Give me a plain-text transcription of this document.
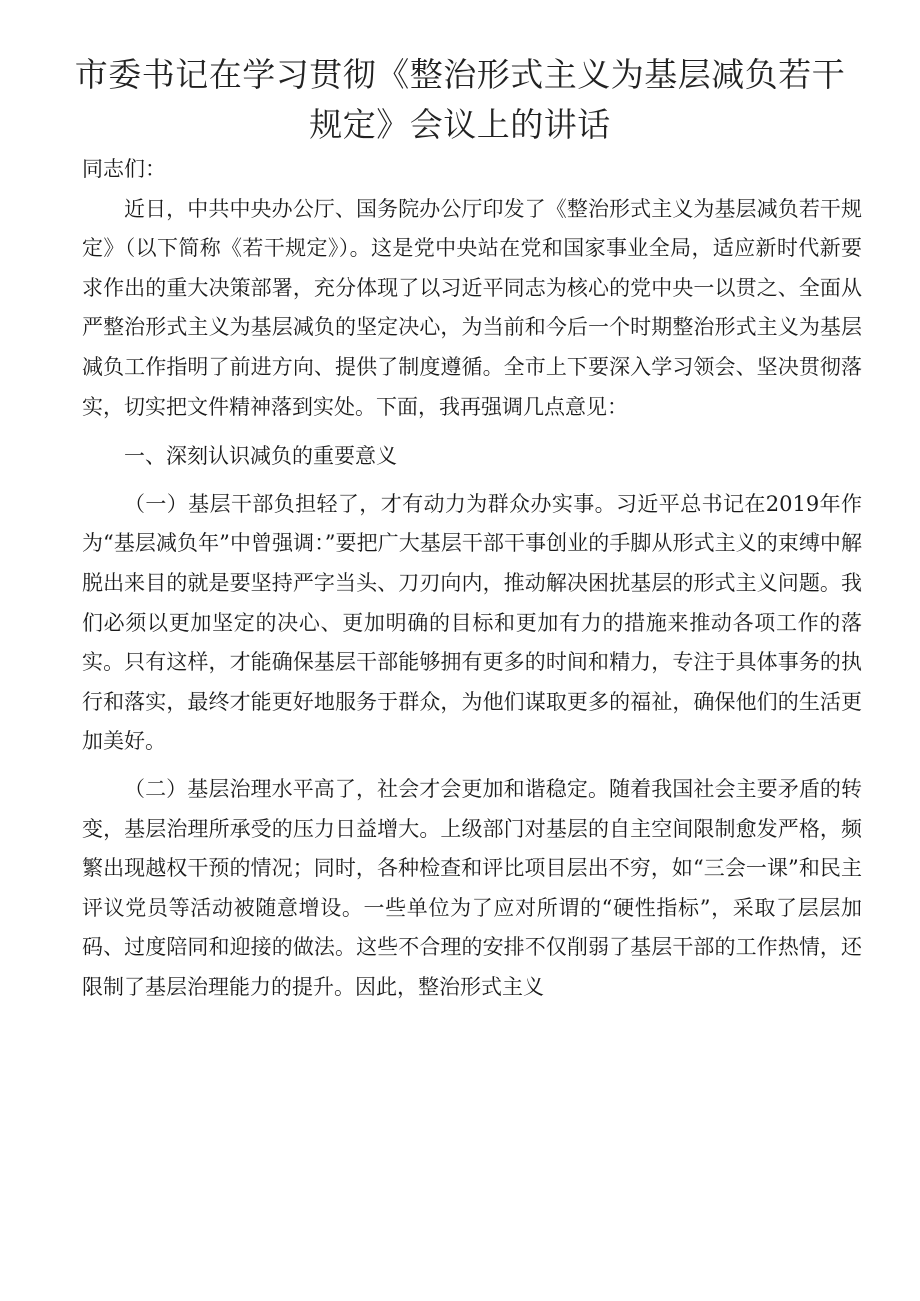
市委书记在学习贯彻《整治形式主义为基层减负若干规定》会议上的讲话

同志们：

近日，中共中央办公厅、国务院办公厅印发了《整治形式主义为基层减负若干规定》（以下简称《若干规定》）。这是党中央站在党和国家事业全局，适应新时代新要求作出的重大决策部署，充分体现了以习近平同志为核心的党中央一以贯之、全面从严整治形式主义为基层减负的坚定决心，为当前和今后一个时期整治形式主义为基层减负工作指明了前进方向、提供了制度遵循。全市上下要深入学习领会、坚决贯彻落实，切实把文件精神落到实处。下面，我再强调几点意见：

一、深刻认识减负的重要意义

（一）基层干部负担轻了，才有动力为群众办实事。习近平总书记在2019年作为“基层减负年”中曾强调：”要把广大基层干部干事创业的手脚从形式主义的束缚中解脱出来目的就是要坚持严字当头、刀刃向内，推动解决困扰基层的形式主义问题。我们必须以更加坚定的决心、更加明确的目标和更加有力的措施来推动各项工作的落实。只有这样，才能确保基层干部能够拥有更多的时间和精力，专注于具体事务的执行和落实，最终才能更好地服务于群众，为他们谋取更多的福祉，确保他们的生活更加美好。

（二）基层治理水平高了，社会才会更加和谐稳定。随着我国社会主要矛盾的转变，基层治理所承受的压力日益增大。上级部门对基层的自主空间限制愈发严格，频繁出现越权干预的情况；同时，各种检查和评比项目层出不穷，如“三会一课”和民主评议党员等活动被随意增设。一些单位为了应对所谓的“硬性指标”，采取了层层加码、过度陪同和迎接的做法。这些不合理的安排不仅削弱了基层干部的工作热情，还限制了基层治理能力的提升。因此，整治形式主义
